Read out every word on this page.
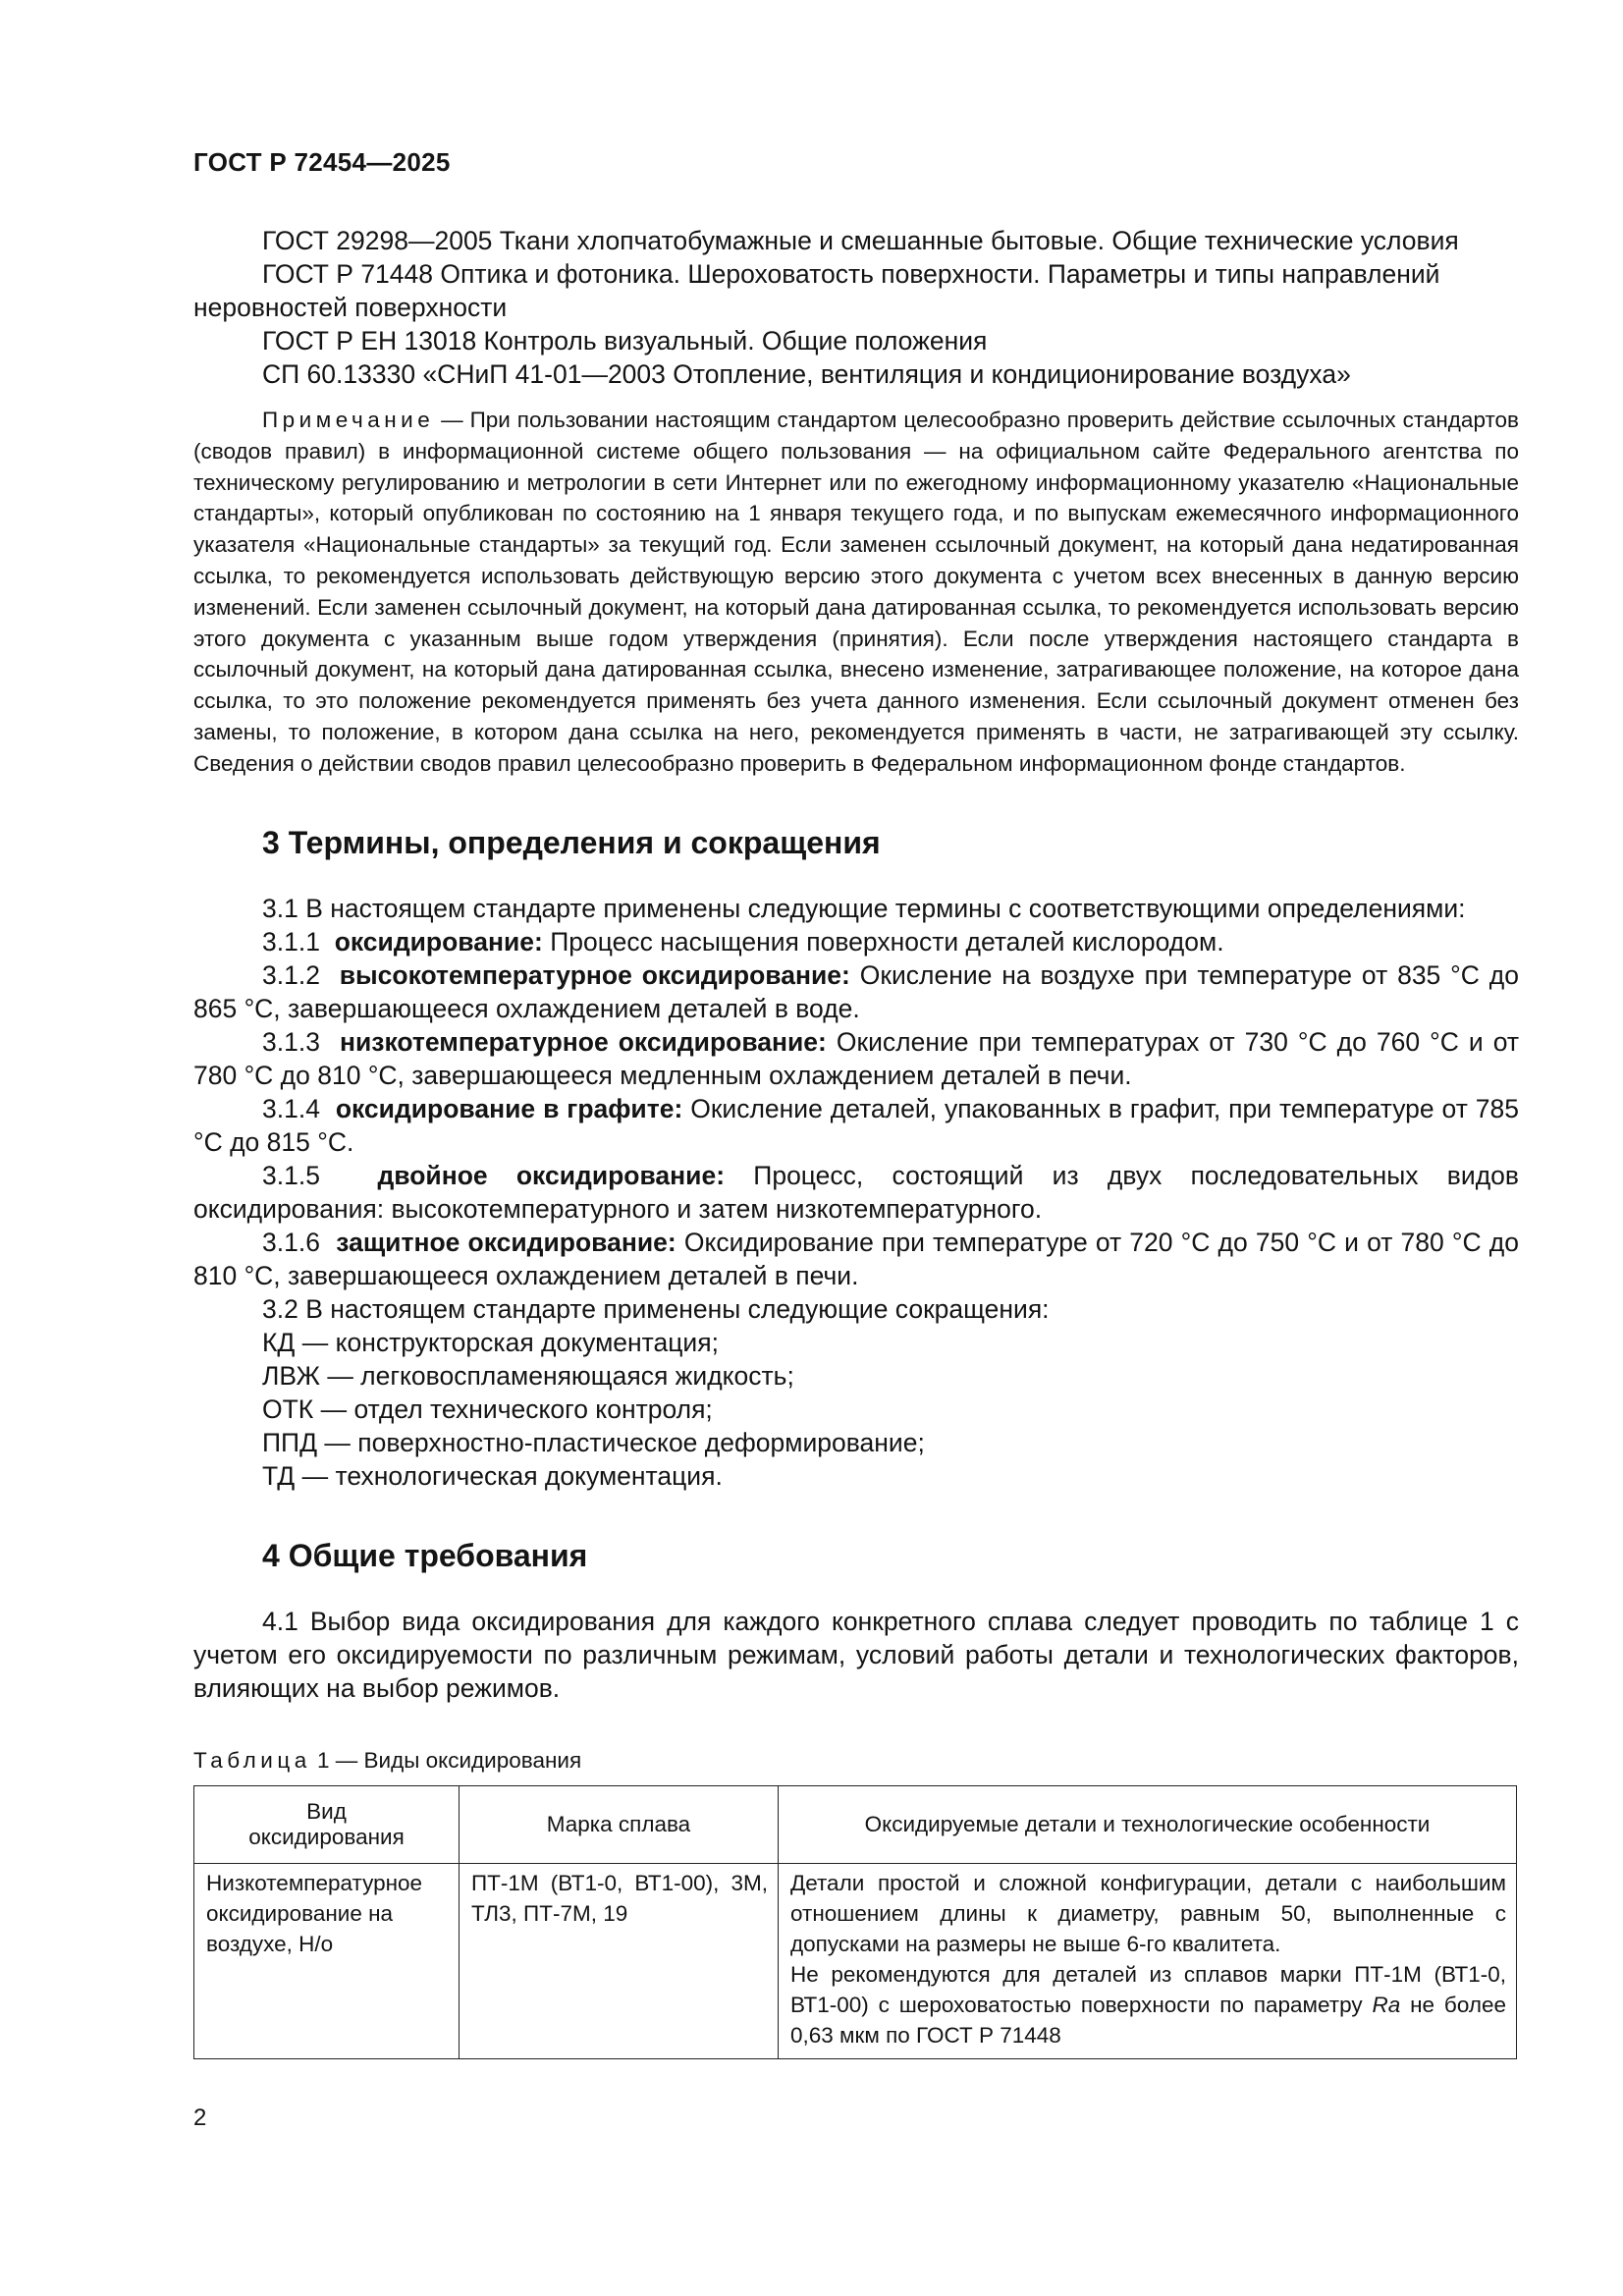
ГОСТ Р 72454—2025

ГОСТ 29298—2005 Ткани хлопчатобумажные и смешанные бытовые. Общие технические условия

ГОСТ Р 71448 Оптика и фотоника. Шероховатость поверхности. Параметры и типы направлений неровностей поверхности

ГОСТ Р ЕН 13018 Контроль визуальный. Общие положения

СП 60.13330 «СНиП 41-01—2003 Отопление, вентиляция и кондиционирование воздуха»

Примечание — При пользовании настоящим стандартом целесообразно проверить действие ссылочных стандартов (сводов правил) в информационной системе общего пользования — на официальном сайте Федерального агентства по техническому регулированию и метрологии в сети Интернет или по ежегодному информационному указателю «Национальные стандарты», который опубликован по состоянию на 1 января текущего года, и по выпускам ежемесячного информационного указателя «Национальные стандарты» за текущий год. Если заменен ссылочный документ, на который дана недатированная ссылка, то рекомендуется использовать действующую версию этого документа с учетом всех внесенных в данную версию изменений. Если заменен ссылочный документ, на который дана датированная ссылка, то рекомендуется использовать версию этого документа с указанным выше годом утверждения (принятия). Если после утверждения настоящего стандарта в ссылочный документ, на который дана датированная ссылка, внесено изменение, затрагивающее положение, на которое дана ссылка, то это положение рекомендуется применять без учета данного изменения. Если ссылочный документ отменен без замены, то положение, в котором дана ссылка на него, рекомендуется применять в части, не затрагивающей эту ссылку. Сведения о действии сводов правил целесообразно проверить в Федеральном информационном фонде стандартов.

3 Термины, определения и сокращения

3.1 В настоящем стандарте применены следующие термины с соответствующими определениями:

3.1.1 оксидирование: Процесс насыщения поверхности деталей кислородом.

3.1.2 высокотемпературное оксидирование: Окисление на воздухе при температуре от 835 °С до 865 °С, завершающееся охлаждением деталей в воде.

3.1.3 низкотемпературное оксидирование: Окисление при температурах от 730 °С до 760 °С и от 780 °С до 810 °С, завершающееся медленным охлаждением деталей в печи.

3.1.4 оксидирование в графите: Окисление деталей, упакованных в графит, при температуре от 785 °С до 815 °С.

3.1.5 двойное оксидирование: Процесс, состоящий из двух последовательных видов оксидирования: высокотемпературного и затем низкотемпературного.

3.1.6 защитное оксидирование: Оксидирование при температуре от 720 °С до 750 °С и от 780 °С до 810 °С, завершающееся охлаждением деталей в печи.

3.2 В настоящем стандарте применены следующие сокращения:

КД — конструкторская документация;

ЛВЖ — легковоспламеняющаяся жидкость;

ОТК — отдел технического контроля;

ППД — поверхностно-пластическое деформирование;

ТД — технологическая документация.

4 Общие требования

4.1 Выбор вида оксидирования для каждого конкретного сплава следует проводить по таблице 1 с учетом его оксидируемости по различным режимам, условий работы детали и технологических факторов, влияющих на выбор режимов.

Таблица 1 — Виды оксидирования
Вид оксидирования	Марка сплава	Оксидируемые детали и технологические особенности
Низкотемпературное оксидирование на воздухе, Н/о	ПТ-1М (ВТ1-0, ВТ1-00), 3М, ТЛ3, ПТ-7М, 19	Детали простой и сложной конфигурации, детали с наибольшим отношением длины к диаметру, равным 50, выполненные с допусками на размеры не выше 6-го квалитета.
Не рекомендуются для деталей из сплавов марки ПТ-1М (ВТ1-0, ВТ1-00) с шероховатостью поверхности по параметру Ra не более 0,63 мкм по ГОСТ Р 71448
2
